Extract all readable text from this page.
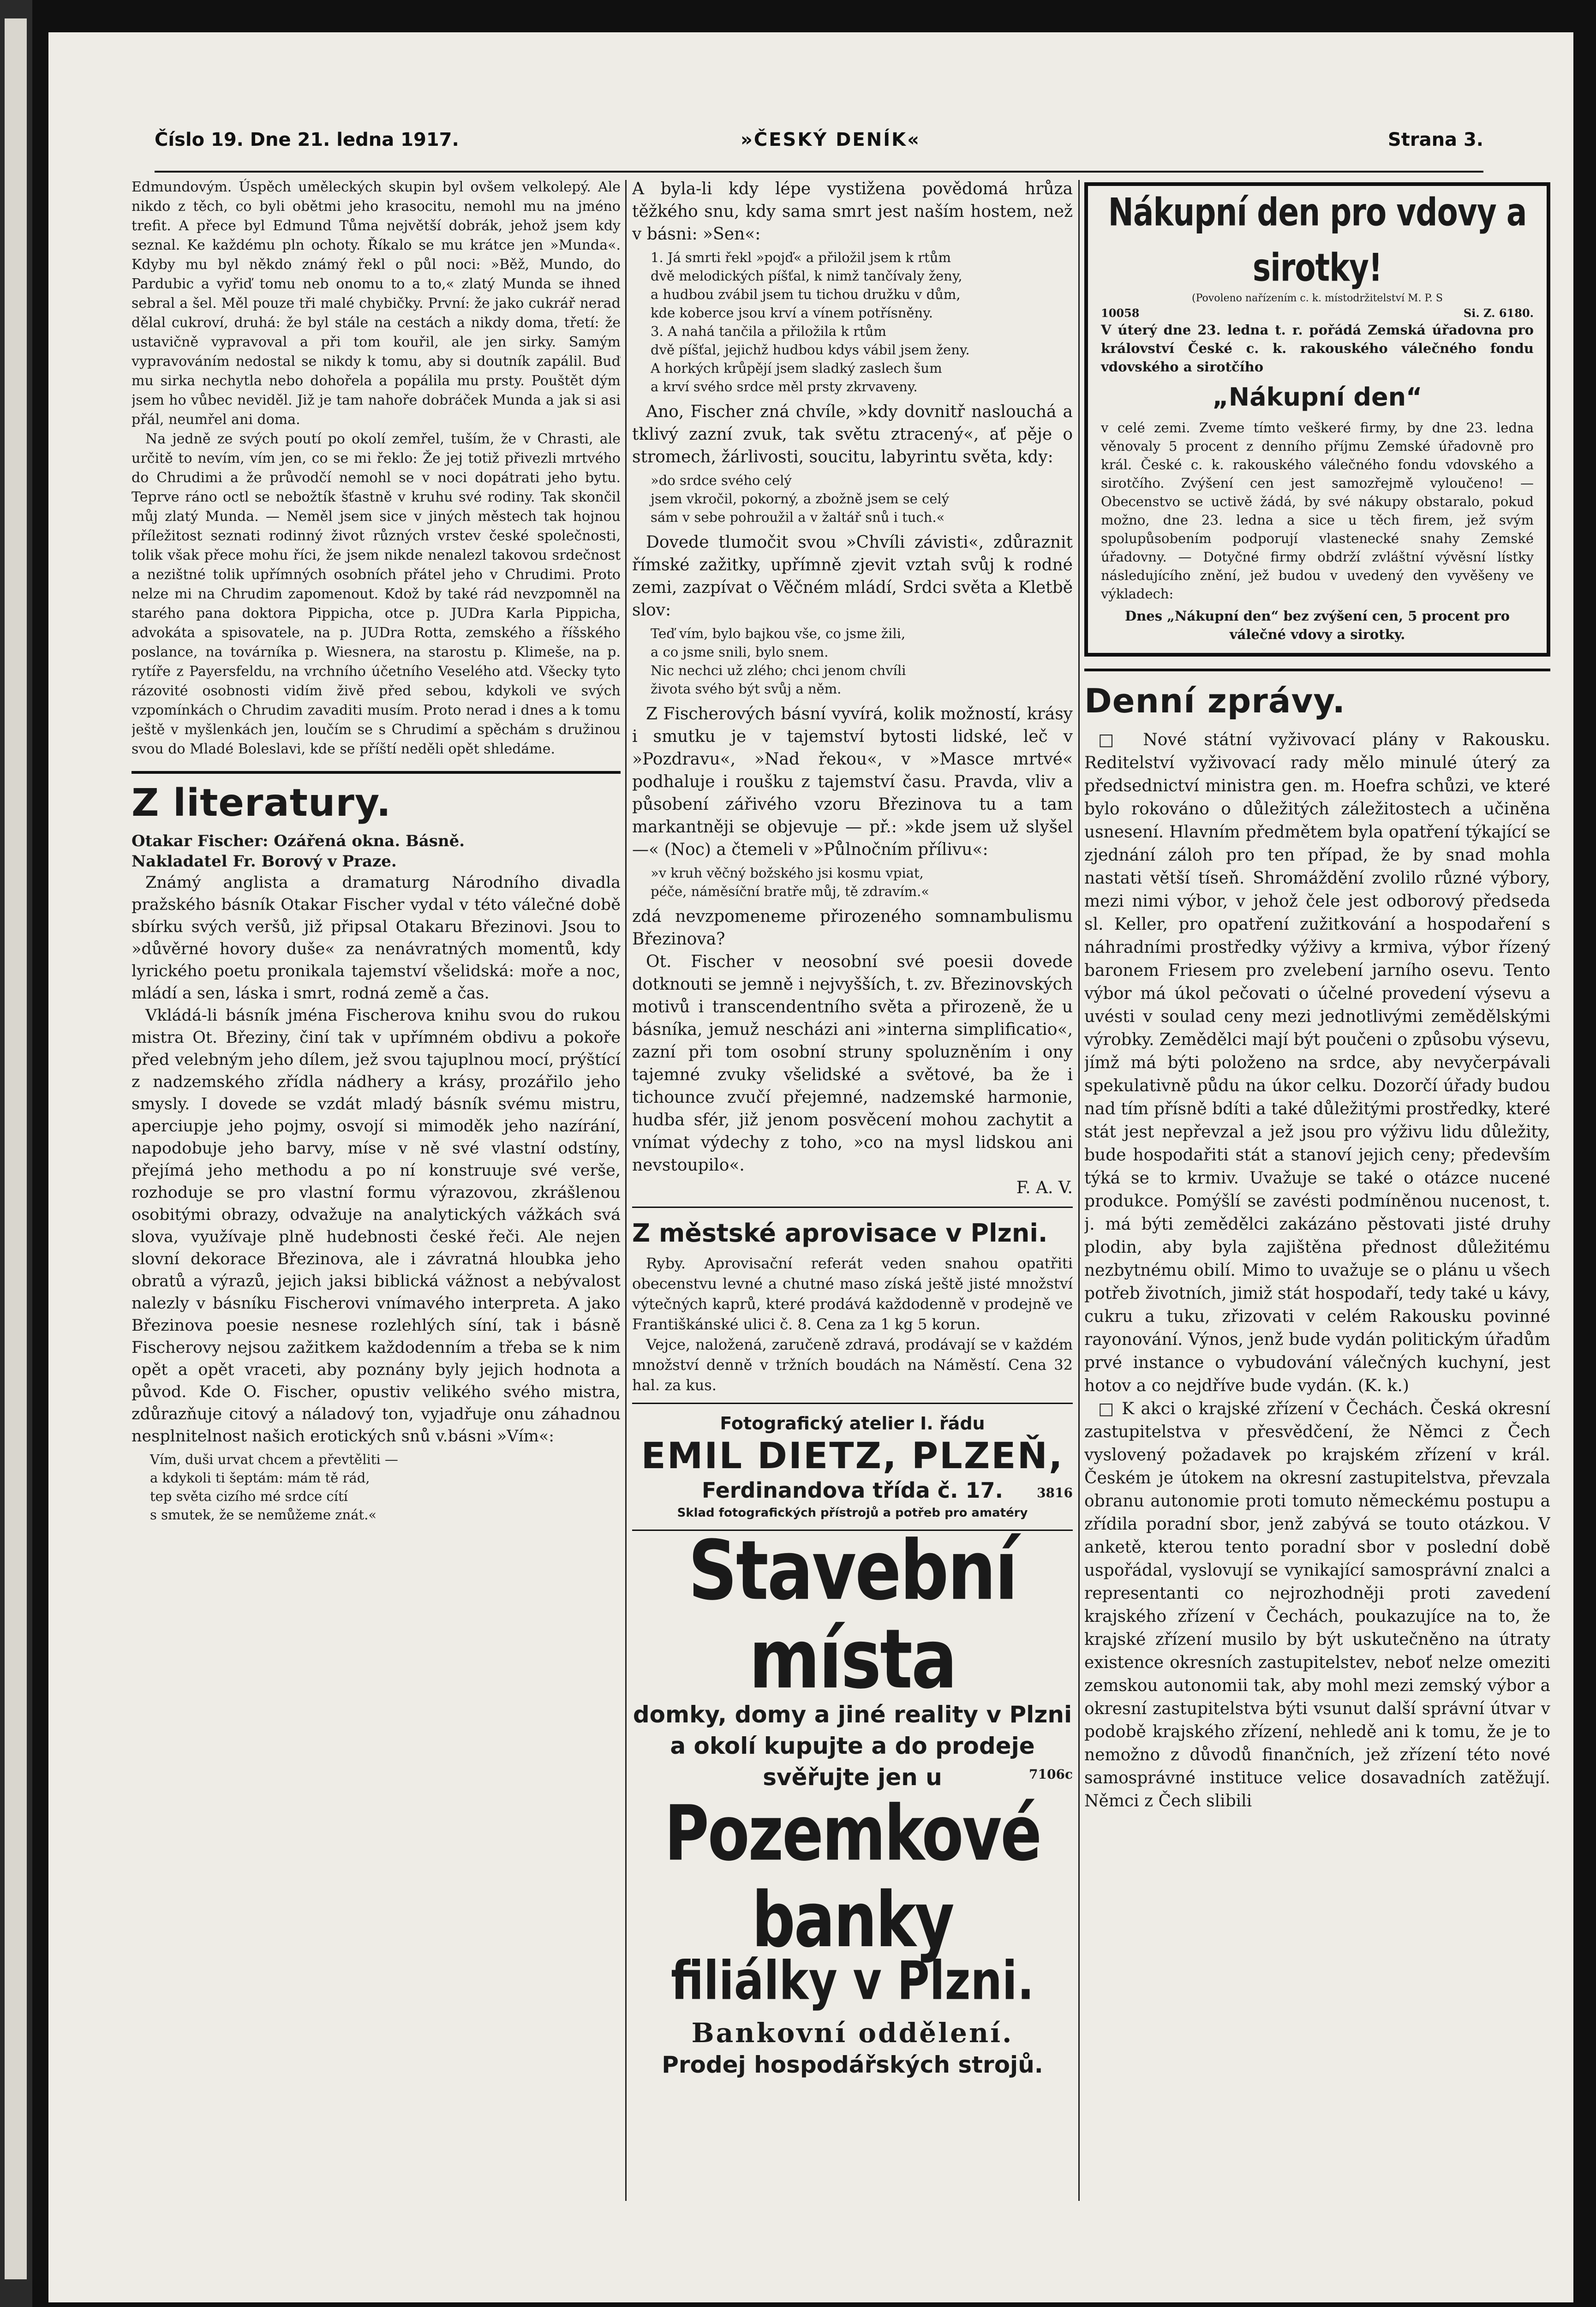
Číslo 19. Dne 21. ledna 1917.	»ČESKÝ DENÍK«	Strana 3.

Edmundovým. Úspěch uměleckých skupin byl ovšem velkolepý. Ale nikdo z těch, co byli obětmi jeho krasocitu, nemohl mu na jméno trefit. A přece byl Edmund Tůma největší dobrák, jehož jsem kdy seznal. Ke každému pln ochoty. Říkalo se mu krátce jen »Munda«. Kdyby mu byl někdo známý řekl o půl noci: »Běž, Mundo, do Pardubic a vyřiď tomu neb onomu to a to,« zlatý Munda se ihned sebral a šel. Měl pouze tři malé chybičky. První: že jako cukrář nerad dělal cukroví, druhá: že byl stále na cestách a nikdy doma, třetí: že ustavičně vypravoval a při tom kouřil, ale jen sirky. Samým vypravováním nedostal se nikdy k tomu, aby si doutník zapálil. Buď mu sirka nechytla nebo dohořela a popálila mu prsty. Pouštět dým jsem ho vůbec neviděl. Již je tam nahoře dobráček Munda a jak si asi přál, neumřel ani doma.

Na jedně ze svých poutí po okolí zemřel, tuším, že v Chrasti, ale určitě to nevím, vím jen, co se mi řeklo: Že jej totiž přivezli mrtvého do Chrudimi a že průvodčí nemohl se v noci dopátrati jeho bytu. Teprve ráno octl se nebožtík šťastně v kruhu své rodiny. Tak skončil můj zlatý Munda. — Neměl jsem sice v jiných městech tak hojnou příležitost seznati rodinný život různých vrstev české společnosti, tolik však přece mohu říci, že jsem nikde nenalezl takovou srdečnost a nezištné tolik upřímných osobních přátel jeho v Chrudimi. Proto nelze mi na Chrudim zapomenout. Kdož by také rád nevzpomněl na starého pana doktora Pippicha, otce p. JUDra Karla Pippicha, advokáta a spisovatele, na p. JUDra Rotta, zemského a říšského poslance, na továrníka p. Wiesnera, na starostu p. Klimeše, na p. rytíře z Payersfeldu, na vrchního účetního Veselého atd. Všecky tyto rázovité osobnosti vidím živě před sebou, kdykoli ve svých vzpomínkách o Chrudim zavaditi musím. Proto nerad i dnes a k tomu ještě v myšlenkách jen, loučím se s Chrudimí a spěchám s družinou svou do Mladé Boleslavi, kde se příští neděli opět shledáme.

Z literatury.

Otakar Fischer: Ozářená okna. Básně.

Nakladatel Fr. Borový v Praze.

Známý anglista a dramaturg Národního divadla pražského básník Otakar Fischer vydal v této válečné době sbírku svých veršů, již připsal Otakaru Březinovi. Jsou to »důvěrné hovory duše« za nenávratných momentů, kdy lyrického poetu pronikala tajemství všelidská: moře a noc, mládí a sen, láska i smrt, rodná země a čas.

Vkládá-li básník jména Fischerova knihu svou do rukou mistra Ot. Březiny, činí tak v upřímném obdivu a pokoře před velebným jeho dílem, jež svou tajuplnou mocí, prýštící z nadzemského zřídla nádhery a krásy, prozářilo jeho smysly. I dovede se vzdát mladý básník svému mistru, aperciupje jeho pojmy, osvojí si mimoděk jeho nazírání, napodobuje jeho barvy, míse v ně své vlastní odstíny, přejímá jeho methodu a po ní konstruuje své verše, rozhoduje se pro vlastní formu výrazovou, zkrášlenou osobitými obrazy, odvažuje na analytických vážkách svá slova, využívaje plně hudebnosti české řeči. Ale nejen slovní dekorace Březinova, ale i závratná hloubka jeho obratů a výrazů, jejich jaksi biblická vážnost a nebývalost nalezly v básníku Fischerovi vnímavého interpreta. A jako Březinova poesie nesnese rozlehlých síní, tak i básně Fischerovy nejsou zažitkem každodenním a třeba se k nim opět a opět vraceti, aby poznány byly jejich hodnota a původ. Kde O. Fischer, opustiv velikého svého mistra, zdůrazňuje citový a náladový ton, vyjadřuje onu záhadnou nesplnitelnost našich erotických snů v.básni »Vím«:

Vím, duši urvat chcem a převtěliti —
a kdykoli ti šeptám: mám tě rád,
tep světa cizího mé srdce cítí
s smutek, že se nemůžeme znát.«

A byla-li kdy lépe vystižena povědomá hrůza těžkého snu, kdy sama smrt jest naším hostem, než v básni: »Sen«:

1. Já smrti řekl »pojď« a přiložil jsem k rtům
dvě melodických píšťal, k nimž tančívaly ženy,
a hudbou zvábil jsem tu tichou družku v dům,
kde koberce jsou krví a vínem potřísněny.
3. A nahá tančila a přiložila k rtům
dvě píšťal, jejichž hudbou kdys vábil jsem ženy.
A horkých krůpějí jsem sladký zaslech šum
a krví svého srdce měl prsty zkrvaveny.

Ano, Fischer zná chvíle, »kdy dovnitř naslouchá a tklivý zazní zvuk, tak světu ztracený«, ať pěje o stromech, žárlivosti, soucitu, labyrintu světa, kdy:

»do srdce svého celý
jsem vkročil, pokorný, a zbožně jsem se celý
sám v sebe pohroužil a v žaltář snů i tuch.«

Dovede tlumočit svou »Chvíli závisti«, zdůraznit římské zažitky, upřímně zjevit vztah svůj k rodné zemi, zazpívat o Věčném mládí, Srdci světa a Kletbě slov:

Teď vím, bylo bajkou vše, co jsme žili,
a co jsme snili, bylo snem.
Nic nechci už zlého; chci jenom chvíli
života svého být svůj a něm.

Z Fischerových básní vyvírá, kolik možností, krásy i smutku je v tajemství bytosti lidské, leč v »Pozdravu«, »Nad řekou«, v »Masce mrtvé« podhaluje i roušku z tajemství času. Pravda, vliv a působení zářivého vzoru Březinova tu a tam markantněji se objevuje — př.: »kde jsem už slyšel —« (Noc) a čtemeli v »Půlnočním přílivu«:

»v kruh věčný božského jsi kosmu vpiat,
péče, náměsíční bratře můj, tě zdravím.«

zdá nevzpomeneme přirozeného somnambulismu Březinova?

Ot. Fischer v neosobní své poesii dovede dotknouti se jemně i nejvyšších, t. zv. Březinovských motivů i transcendentního světa a přirozeně, že u básníka, jemuž nescházi ani »interna simplificatio«, zazní při tom osobní struny spoluzněním i ony tajemné zvuky všelidské a světové, ba že i tichounce zvučí přejemné, nadzemské harmonie, hudba sfér, již jenom posvěcení mohou zachytit a vnímat výdechy z toho, »co na mysl lidskou ani nevstoupilo«.

F. A. V.

Z městské aprovisace v Plzni.

Ryby. Aprovisační referát veden snahou opatřiti obecenstvu levné a chutné maso získá ještě jisté množství výtečných kaprů, které prodává každodenně v prodejně ve Františkánské ulici č. 8. Cena za 1 kg 5 korun.

Vejce, naložená, zaručeně zdravá, prodávají se v každém množství denně v tržních boudách na Náměstí. Cena 32 hal. za kus.

Fotografický atelier I. řádu
EMIL DIETZ, PLZEŇ,
Ferdinandova třída č. 17.	3816
Sklad fotografických přístrojů a potřeb pro amatéry
Stavební místa
domky, domy a jiné reality v Plzni
a okolí kupujte a do prodeje svěřujte jen u	7106c
Pozemkové banky
filiálky v Plzni.
Bankovní oddělení.
Prodej hospodářských strojů.
Nákupní den pro vdovy a sirotky!
(Povoleno nařízením c. k. místodržitelství M. P. S
10058	Si. Z. 6180.
V úterý dne 23. ledna t. r. pořádá Zemská úřadovna pro království České c. k. rakouského válečného fondu vdovského a sirotčího
„Nákupní den“
v celé zemi. Zveme tímto veškeré firmy, by dne 23. ledna věnovaly 5 procent z denního příjmu Zemské úřadovně pro král. České c. k. rakouského válečného fondu vdovského a sirotčího. Zvýšení cen jest samozřejmě vyloučeno! — Obecenstvo se uctivě žádá, by své nákupy obstaralo, pokud možno, dne 23. ledna a sice u těch firem, jež svým spolupůsobením podporují vlastenecké snahy Zemské úřadovny. — Dotyčné firmy obdrží zvláštní vývěsní lístky následujícího znění, jež budou v uvedený den vyvěšeny ve výkladech:
Dnes „Nákupní den“ bez zvýšení cen, 5 procent pro válečné vdovy a sirotky.
Denní zprávy.

□ Nové státní vyživovací plány v Rakousku. Reditelství vyživovací rady mělo minulé úterý za předsednictví ministra gen. m. Hoefra schůzi, ve které bylo rokováno o důležitých záležitostech a učiněna usnesení. Hlavním předmětem byla opatření týkající se zjednání záloh pro ten případ, že by snad mohla nastati větší tíseň. Shromáždění zvolilo různé výbory, mezi nimi výbor, v jehož čele jest odborový předseda sl. Keller, pro opatření zužitkování a hospodaření s náhradními prostředky výživy a krmiva, výbor řízený baronem Friesem pro zvelebení jarního osevu. Tento výbor má úkol pečovati o účelné provedení výsevu a uvésti v soulad ceny mezi jednotlivými zemědělskými výrobky. Zemědělci mají být poučeni o způsobu výsevu, jímž má býti položeno na srdce, aby nevyčerpávali spekulativně půdu na úkor celku. Dozorčí úřady budou nad tím přísně bdíti a také důležitými prostředky, které stát jest nepřevzal a jež jsou pro výživu lidu důležity, bude hospodařiti stát a stanoví jejich ceny; především týká se to krmiv. Uvažuje se také o otázce nucené produkce. Pomýšlí se zavésti podmíněnou nucenost, t. j. má býti zemědělci zakázáno pěstovati jisté druhy plodin, aby byla zajištěna přednost důležitému nezbytnému obilí. Mimo to uvažuje se o plánu u všech potřeb životních, jimiž stát hospodaří, tedy také u kávy, cukru a tuku, zřizovati v celém Rakousku povinné rayonování. Výnos, jenž bude vydán politickým úřadům prvé instance o vybudování válečných kuchyní, jest hotov a co nejdříve bude vydán. (K. k.)

□ K akci o krajské zřízení v Čechách. Česká okresní zastupitelstva v přesvědčení, že Němci z Čech vyslovený požadavek po krajském zřízení v král. Českém je útokem na okresní zastupitelstva, převzala obranu autonomie proti tomuto německému postupu a zřídila poradní sbor, jenž zabývá se touto otázkou. V anketě, kterou tento poradní sbor v poslední době uspořádal, vyslovují se vynikající samosprávní znalci a representanti co nejrozhodněji proti zavedení krajského zřízení v Čechách, poukazujíce na to, že krajské zřízení musilo by být uskutečněno na útraty existence okresních zastupitelstev, neboť nelze omeziti zemskou autonomii tak, aby mohl mezi zemský výbor a okresní zastupitelstva býti vsunut další správní útvar v podobě krajského zřízení, nehledě ani k tomu, že je to nemožno z důvodů finančních, jež zřízení této nové samosprávné instituce velice dosavadních zatěžují. Němci z Čech slibili
